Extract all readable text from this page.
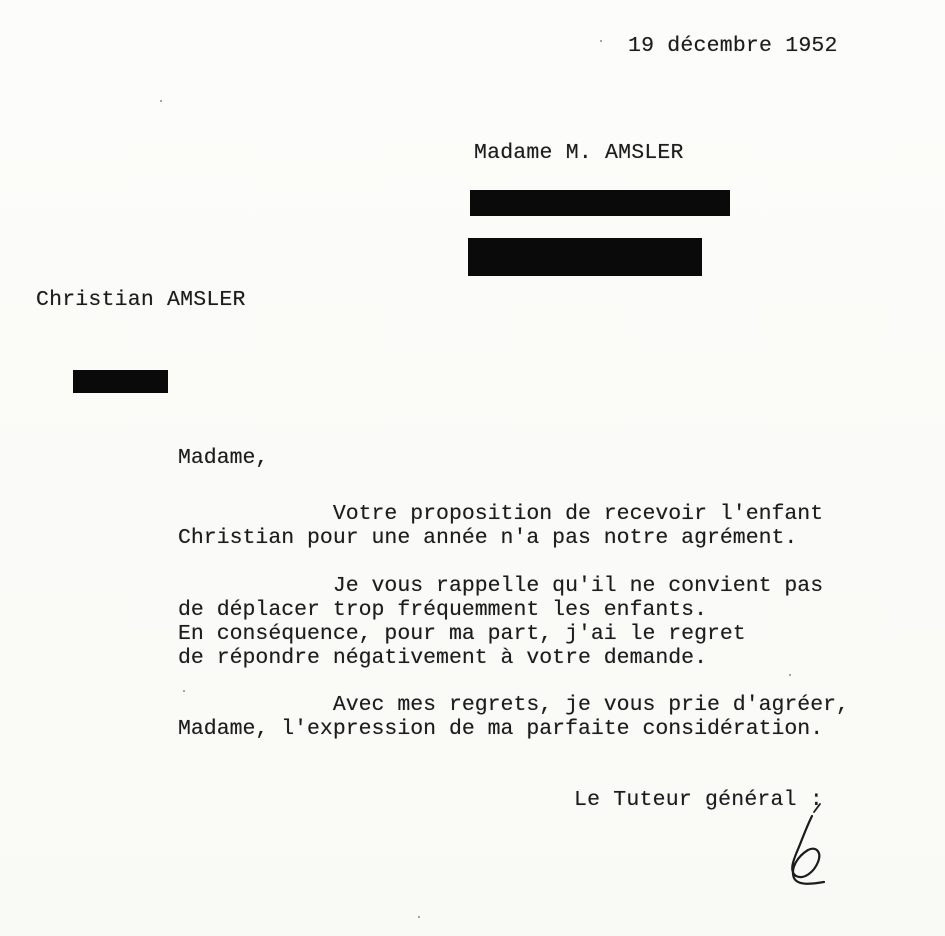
19 décembre 1952
Madame M. AMSLER
Christian AMSLER
Madame,
Votre proposition de recevoir l'enfant
Christian pour une année n'a pas notre agrément.
Je vous rappelle qu'il ne convient pas
de déplacer trop fréquemment les enfants.
En conséquence, pour ma part, j'ai le regret
de répondre négativement à votre demande.
Avec mes regrets, je vous prie d'agréer,
Madame, l'expression de ma parfaite considération.
Le Tuteur général :
